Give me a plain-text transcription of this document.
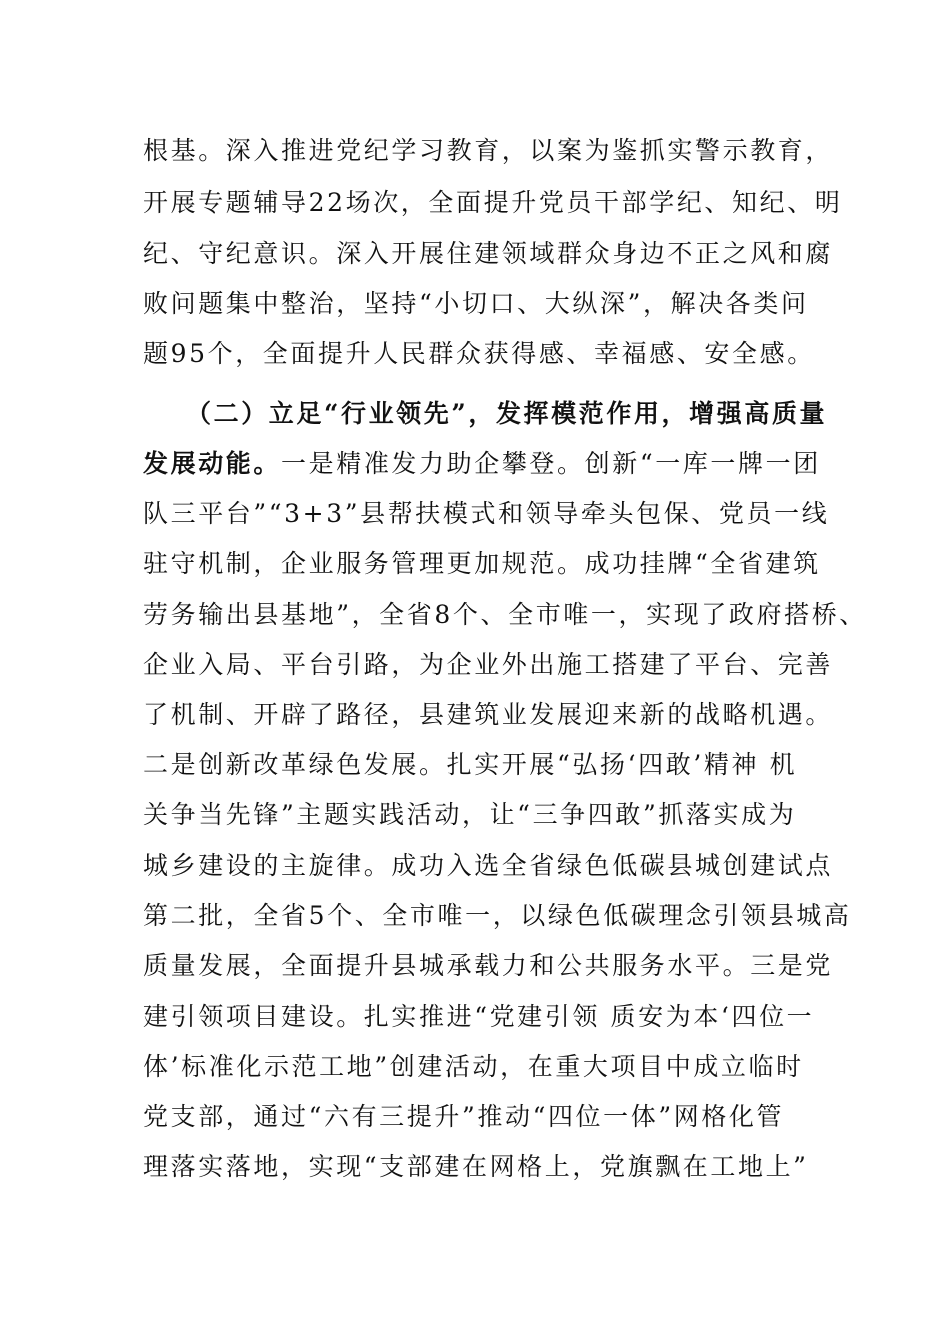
根基。深入推进党纪学习教育，以案为鉴抓实警示教育，
开展专题辅导22场次，全面提升党员干部学纪、知纪、明
纪、守纪意识。深入开展住建领域群众身边不正之风和腐
败问题集中整治，坚持“小切口、大纵深”，解决各类问
题95个，全面提升人民群众获得感、幸福感、安全感。
（二）立足“行业领先”，发挥模范作用，增强高质量
发展动能。一是精准发力助企攀登。创新“一库一牌一团
队三平台”“3+3”县帮扶模式和领导牵头包保、党员一线
驻守机制，企业服务管理更加规范。成功挂牌“全省建筑
劳务输出县基地”，全省8个、全市唯一，实现了政府搭桥、
企业入局、平台引路，为企业外出施工搭建了平台、完善
了机制、开辟了路径，县建筑业发展迎来新的战略机遇。
二是创新改革绿色发展。扎实开展“弘扬‘四敢’精神 机
关争当先锋”主题实践活动，让“三争四敢”抓落实成为
城乡建设的主旋律。成功入选全省绿色低碳县城创建试点
第二批，全省5个、全市唯一，以绿色低碳理念引领县城高
质量发展，全面提升县城承载力和公共服务水平。三是党
建引领项目建设。扎实推进“党建引领 质安为本‘四位一
体’标准化示范工地”创建活动，在重大项目中成立临时
党支部，通过“六有三提升”推动“四位一体”网格化管
理落实落地，实现“支部建在网格上，党旗飘在工地上”
